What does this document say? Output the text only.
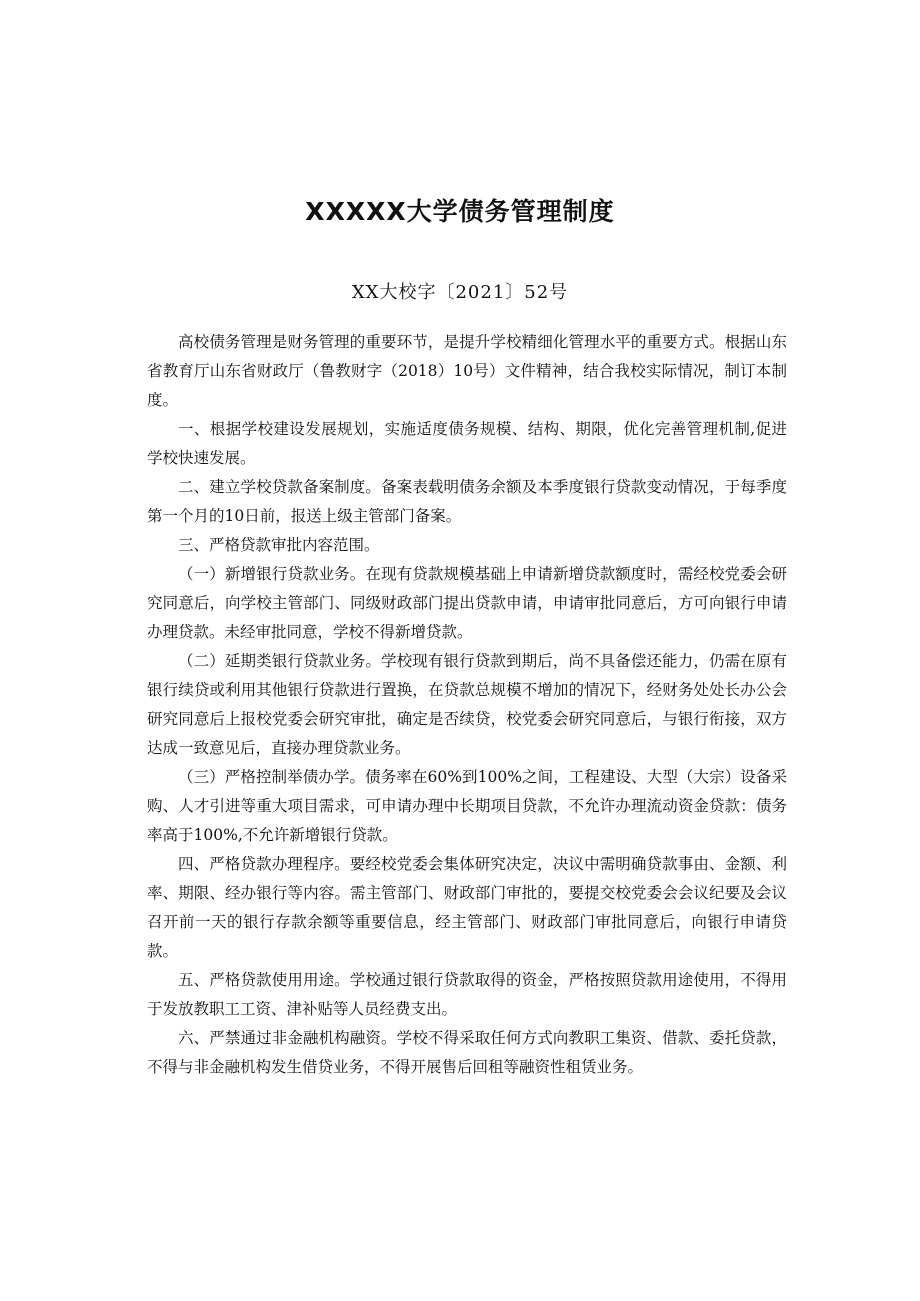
XXXXX大学债务管理制度
XX大校字〔2021〕52号

高校债务管理是财务管理的重要环节，是提升学校精细化管理水平的重要方式。根据山东省教育厅山东省财政厅（鲁教财字（2018）10号）文件精神，结合我校实际情况，制订本制度。

一、根据学校建设发展规划，实施适度债务规模、结构、期限，优化完善管理机制,促进学校快速发展。

二、建立学校贷款备案制度。备案表载明债务余额及本季度银行贷款变动情况，于每季度第一个月的10日前，报送上级主管部门备案。

三、严格贷款审批内容范围。

（一）新增银行贷款业务。在现有贷款规模基础上申请新增贷款额度时，需经校党委会研究同意后，向学校主管部门、同级财政部门提出贷款申请，申请审批同意后，方可向银行申请办理贷款。未经审批同意，学校不得新增贷款。

（二）延期类银行贷款业务。学校现有银行贷款到期后，尚不具备偿还能力，仍需在原有银行续贷或利用其他银行贷款进行置换，在贷款总规模不增加的情况下，经财务处处长办公会研究同意后上报校党委会研究审批，确定是否续贷，校党委会研究同意后，与银行衔接，双方达成一致意见后，直接办理贷款业务。

（三）严格控制举债办学。债务率在60%到100%之间，工程建设、大型（大宗）设备采购、人才引进等重大项目需求，可申请办理中长期项目贷款，不允许办理流动资金贷款：债务率高于100%,不允许新增银行贷款。

四、严格贷款办理程序。要经校党委会集体研究决定，决议中需明确贷款事由、金额、利率、期限、经办银行等内容。需主管部门、财政部门审批的，要提交校党委会会议纪要及会议召开前一天的银行存款余额等重要信息，经主管部门、财政部门审批同意后，向银行申请贷款。

五、严格贷款使用用途。学校通过银行贷款取得的资金，严格按照贷款用途使用，不得用于发放教职工工资、津补贴等人员经费支出。

六、严禁通过非金融机构融资。学校不得采取任何方式向教职工集资、借款、委托贷款，不得与非金融机构发生借贷业务，不得开展售后回租等融资性租赁业务。
